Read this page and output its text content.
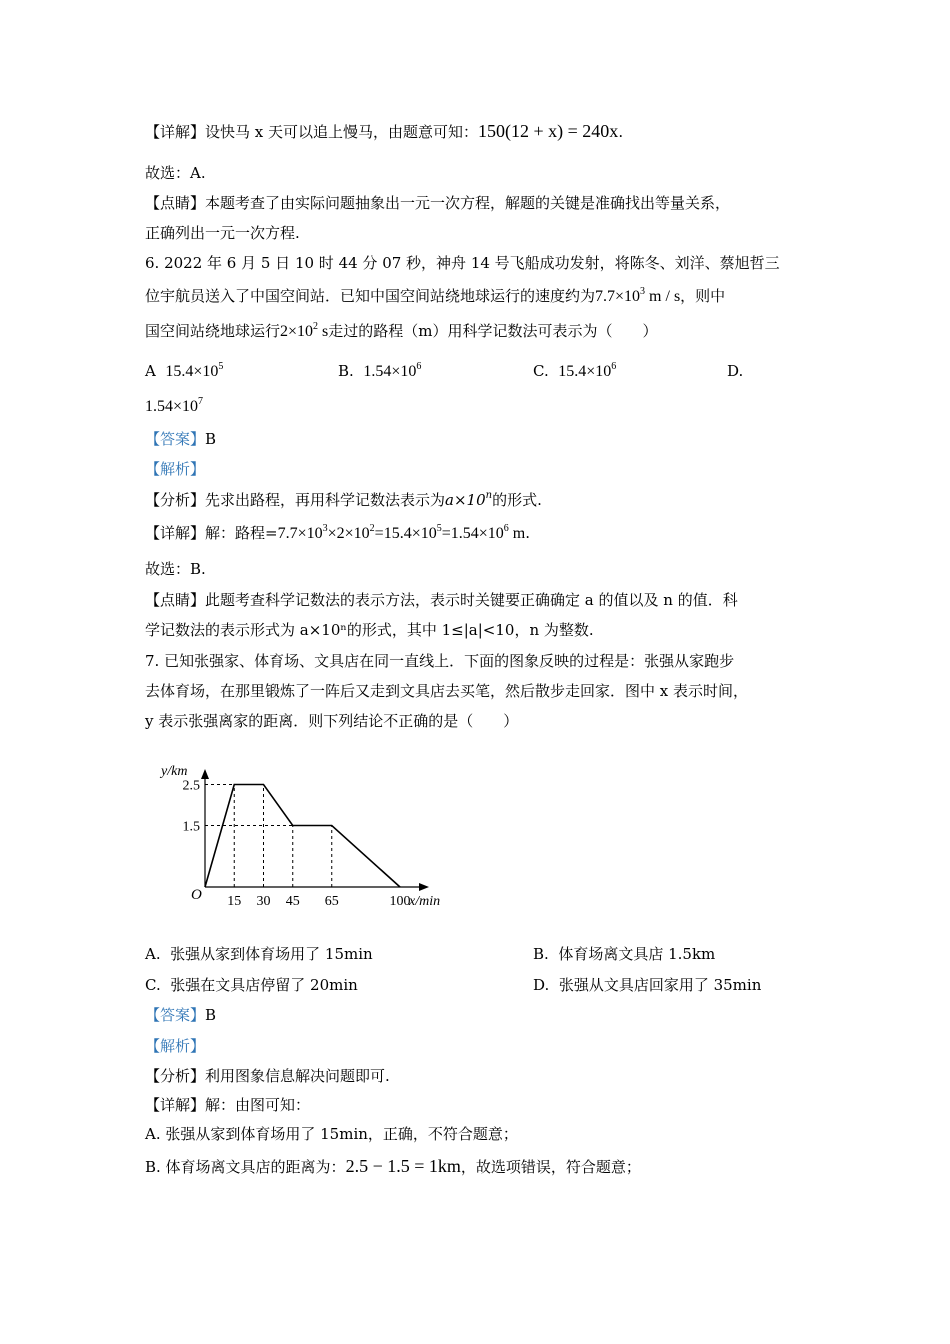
【详解】设快马 x 天可以追上慢马，由题意可知：150(12 + x) = 240x.
故选：A.
【点睛】本题考查了由实际问题抽象出一元一次方程，解题的关键是准确找出等量关系，
正确列出一元一次方程.
6. 2022 年 6 月 5 日 10 时 44 分 07 秒，神舟 14 号飞船成功发射，将陈冬、刘洋、蔡旭哲三
位宇航员送入了中国空间站．已知中国空间站绕地球运行的速度约为$7.7\times 10^3$ m / s，则中
国空间站绕地球运行$2\times 10^2$ s走过的路程（m）用科学记数法可表示为（　　）
A $15.4\times 10^5$	B. $1.54\times 10^6$	C. $15.4\times 10^6$	D.
$1.54\times 10^7$
【答案】B
【解析】
【分析】先求出路程，再用科学记数法表示为$a\times 10^n$的形式.
【详解】解：路程$=7.7\times 10^3\times 2\times 10^2=15.4\times 10^5=1.54\times 10^6$ m.
故选：B.
【点睛】此题考查科学记数法的表示方法，表示时关键要正确确定 a 的值以及 n 的值．科
学记数法的表示形式为 a×10ⁿ的形式，其中 1≤|a|<10，n 为整数.
7. 已知张强家、体育场、文具店在同一直线上．下面的图象反映的过程是：张强从家跑步
去体育场，在那里锻炼了一阵后又走到文具店去买笔，然后散步走回家．图中 x 表示时间，
y 表示张强离家的距离．则下列结论不正确的是（　　）
15 30 45 65	100
1.5
2.5
O
y/km
x/min
A. 张强从家到体育场用了 15min	B. 体育场离文具店 1.5km
C. 张强在文具店停留了 20min	D. 张强从文具店回家用了 35min
【答案】B
【解析】
【分析】利用图象信息解决问题即可.
【详解】解：由图可知：
A. 张强从家到体育场用了 15min，正确，不符合题意；
B. 体育场离文具店的距离为：2.5 − 1.5 = 1km，故选项错误，符合题意；
